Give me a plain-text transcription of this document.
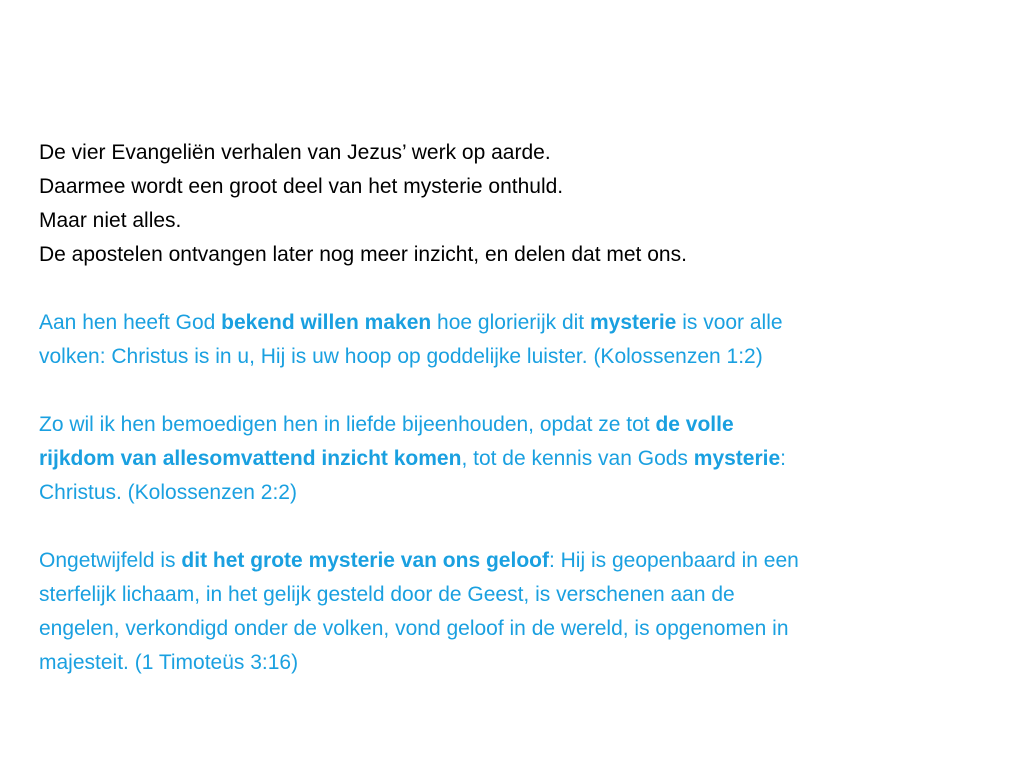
De vier Evangeliën verhalen van Jezus’ werk op aarde.
Daarmee wordt een groot deel van het mysterie onthuld.
Maar niet alles.
De apostelen ontvangen later nog meer inzicht, en delen dat met ons.
Aan hen heeft God bekend willen maken hoe glorierijk dit mysterie is voor alle
volken: Christus is in u, Hij is uw hoop op goddelijke luister. (Kolossenzen 1:2)
Zo wil ik hen bemoedigen hen in liefde bijeenhouden, opdat ze tot de volle
rijkdom van allesomvattend inzicht komen, tot de kennis van Gods mysterie:
Christus. (Kolossenzen 2:2)
Ongetwijfeld is dit het grote mysterie van ons geloof: Hij is geopenbaard in een
sterfelijk lichaam, in het gelijk gesteld door de Geest, is verschenen aan de
engelen, verkondigd onder de volken, vond geloof in de wereld, is opgenomen in
majesteit. (1 Timoteüs 3:16)
